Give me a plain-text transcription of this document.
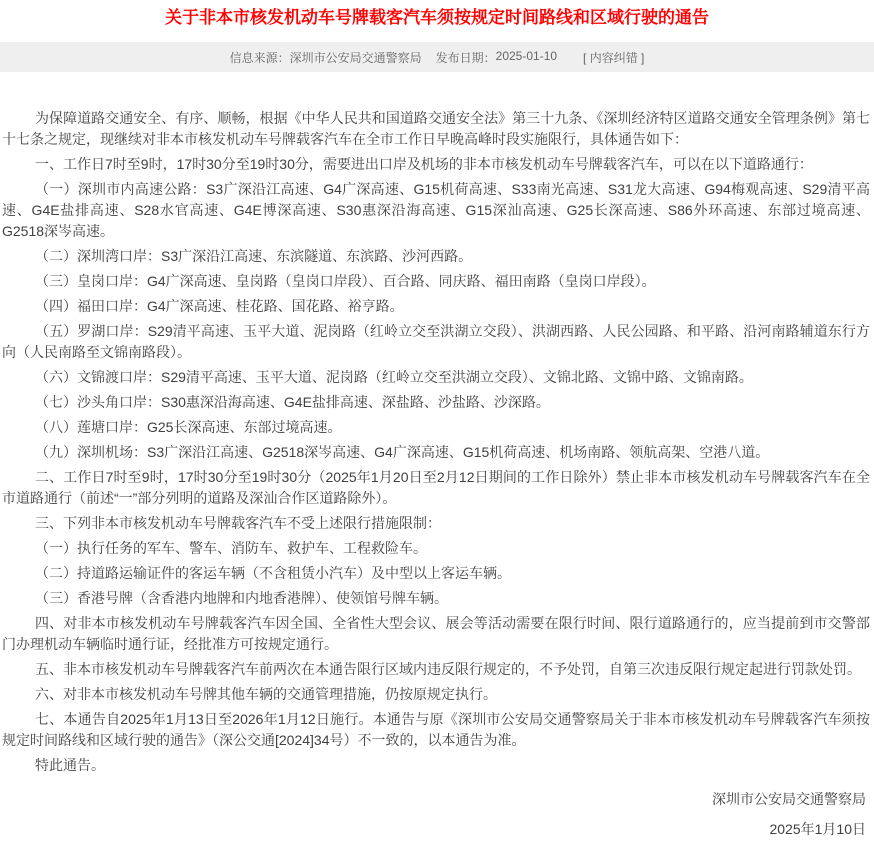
关于非本市核发机动车号牌载客汽车须按规定时间路线和区域行驶的通告
信息来源： 深圳市公安局交通警察局 发布日期： 2025-01-10 [ 内容纠错 ]

为保障道路交通安全、有序、顺畅，根据《中华人民共和国道路交通安全法》第三十九条、《深圳经济特区道路交通安全管理条例》第七十七条之规定，现继续对非本市核发机动车号牌载客汽车在全市工作日早晚高峰时段实施限行，具体通告如下：

一、工作日7时至9时，17时30分至19时30分，需要进出口岸及机场的非本市核发机动车号牌载客汽车，可以在以下道路通行：

（一）深圳市内高速公路：S3广深沿江高速、G4广深高速、G15机荷高速、S33南光高速、S31龙大高速、G94梅观高速、S29清平高速、G4E盐排高速、S28水官高速、G4E博深高速、S30惠深沿海高速、G15深汕高速、G25长深高速、S86外环高速、东部过境高速、G2518深岑高速。

（二）深圳湾口岸：S3广深沿江高速、东滨隧道、东滨路、沙河西路。

（三）皇岗口岸：G4广深高速、皇岗路（皇岗口岸段）、百合路、同庆路、福田南路（皇岗口岸段）。

（四）福田口岸：G4广深高速、桂花路、国花路、裕亨路。

（五）罗湖口岸：S29清平高速、玉平大道、泥岗路（红岭立交至洪湖立交段）、洪湖西路、人民公园路、和平路、沿河南路辅道东行方向（人民南路至文锦南路段）。

（六）文锦渡口岸：S29清平高速、玉平大道、泥岗路（红岭立交至洪湖立交段）、文锦北路、文锦中路、文锦南路。

（七）沙头角口岸：S30惠深沿海高速、G4E盐排高速、深盐路、沙盐路、沙深路。

（八）莲塘口岸：G25长深高速、东部过境高速。

（九）深圳机场：S3广深沿江高速、G2518深岑高速、G4广深高速、G15机荷高速、机场南路、领航高架、空港八道。

二、工作日7时至9时，17时30分至19时30分（2025年1月20日至2月12日期间的工作日除外）禁止非本市核发机动车号牌载客汽车在全市道路通行（前述“一”部分列明的道路及深汕合作区道路除外）。

三、下列非本市核发机动车号牌载客汽车不受上述限行措施限制：

（一）执行任务的军车、警车、消防车、救护车、工程救险车。

（二）持道路运输证件的客运车辆（不含租赁小汽车）及中型以上客运车辆。

（三）香港号牌（含香港内地牌和内地香港牌）、使领馆号牌车辆。

四、对非本市核发机动车号牌载客汽车因全国、全省性大型会议、展会等活动需要在限行时间、限行道路通行的，应当提前到市交警部门办理机动车辆临时通行证，经批准方可按规定通行。

五、非本市核发机动车号牌载客汽车前两次在本通告限行区域内违反限行规定的，不予处罚，自第三次违反限行规定起进行罚款处罚。

六、对非本市核发机动车号牌其他车辆的交通管理措施，仍按原规定执行。

七、本通告自2025年1月13日至2026年1月12日施行。本通告与原《深圳市公安局交通警察局关于非本市核发机动车号牌载客汽车须按规定时间路线和区域行驶的通告》（深公交通[2024]34号）不一致的，以本通告为准。

特此通告。

深圳市公安局交通警察局

2025年1月10日
